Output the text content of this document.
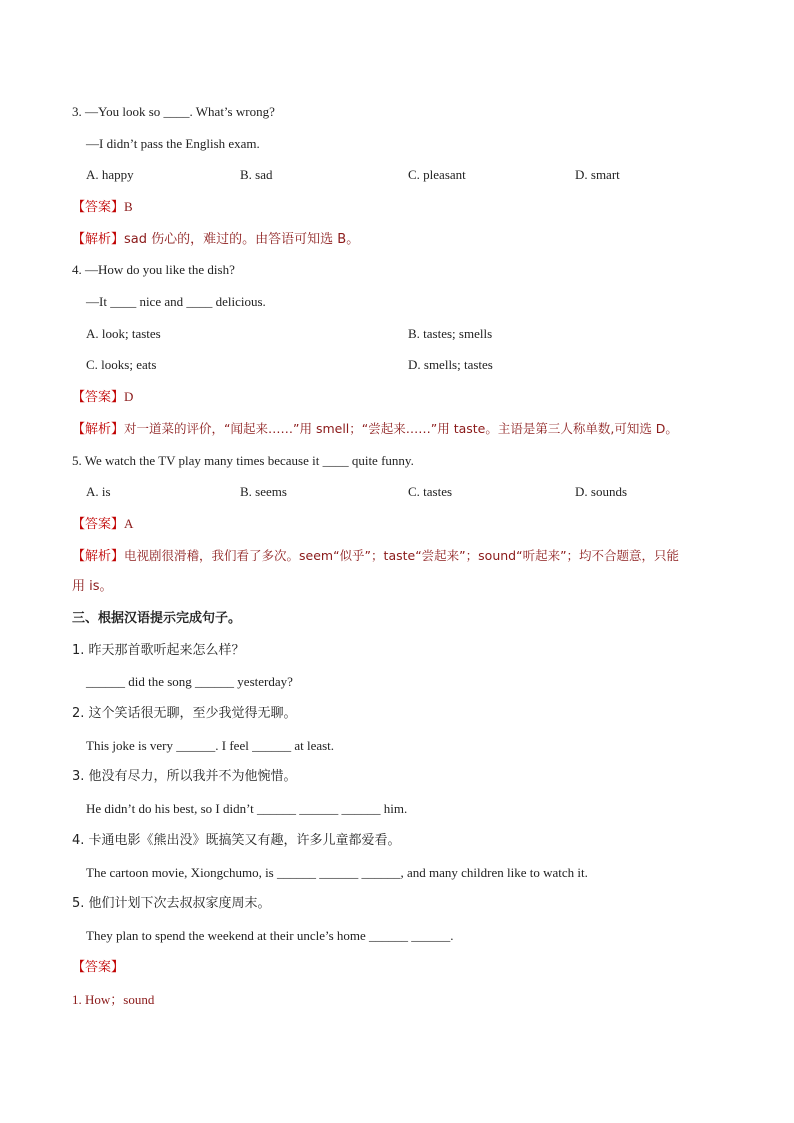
3. —You look so ____. What’s wrong?
—I didn’t pass the English exam.
A. happy	B. sad	C. pleasant	D. smart
【答案】B
【解析】sad 伤心的，难过的。由答语可知选 B。
4. —How do you like the dish?
—It ____ nice and ____ delicious.
A. look; tastes	B. tastes; smells
C. looks; eats	D. smells; tastes
【答案】D
【解析】对一道菜的评价，“闻起来……”用 smell；“尝起来……”用 taste。主语是第三人称单数,可知选 D。
5. We watch the TV play many times because it ____ quite funny.
A. is	B. seems	C. tastes	D. sounds
【答案】A
【解析】电视剧很滑稽，我们看了多次。seem“似乎”；taste“尝起来”；sound“听起来”；均不合题意，只能
用 is。
三、根据汉语提示完成句子。
1. 昨天那首歌听起来怎么样？
______ did the song ______ yesterday?
2. 这个笑话很无聊，至少我觉得无聊。
This joke is very ______. I feel ______ at least.
3. 他没有尽力，所以我并不为他惋惜。
He didn’t do his best, so I didn’t ______ ______ ______ him.
4. 卡通电影《熊出没》既搞笑又有趣，许多儿童都爱看。
The cartoon movie, Xiongchumo, is ______ ______ ______, and many children like to watch it.
5. 他们计划下次去叔叔家度周末。
They plan to spend the weekend at their uncle’s home ______ ______.
【答案】
1. How；sound
